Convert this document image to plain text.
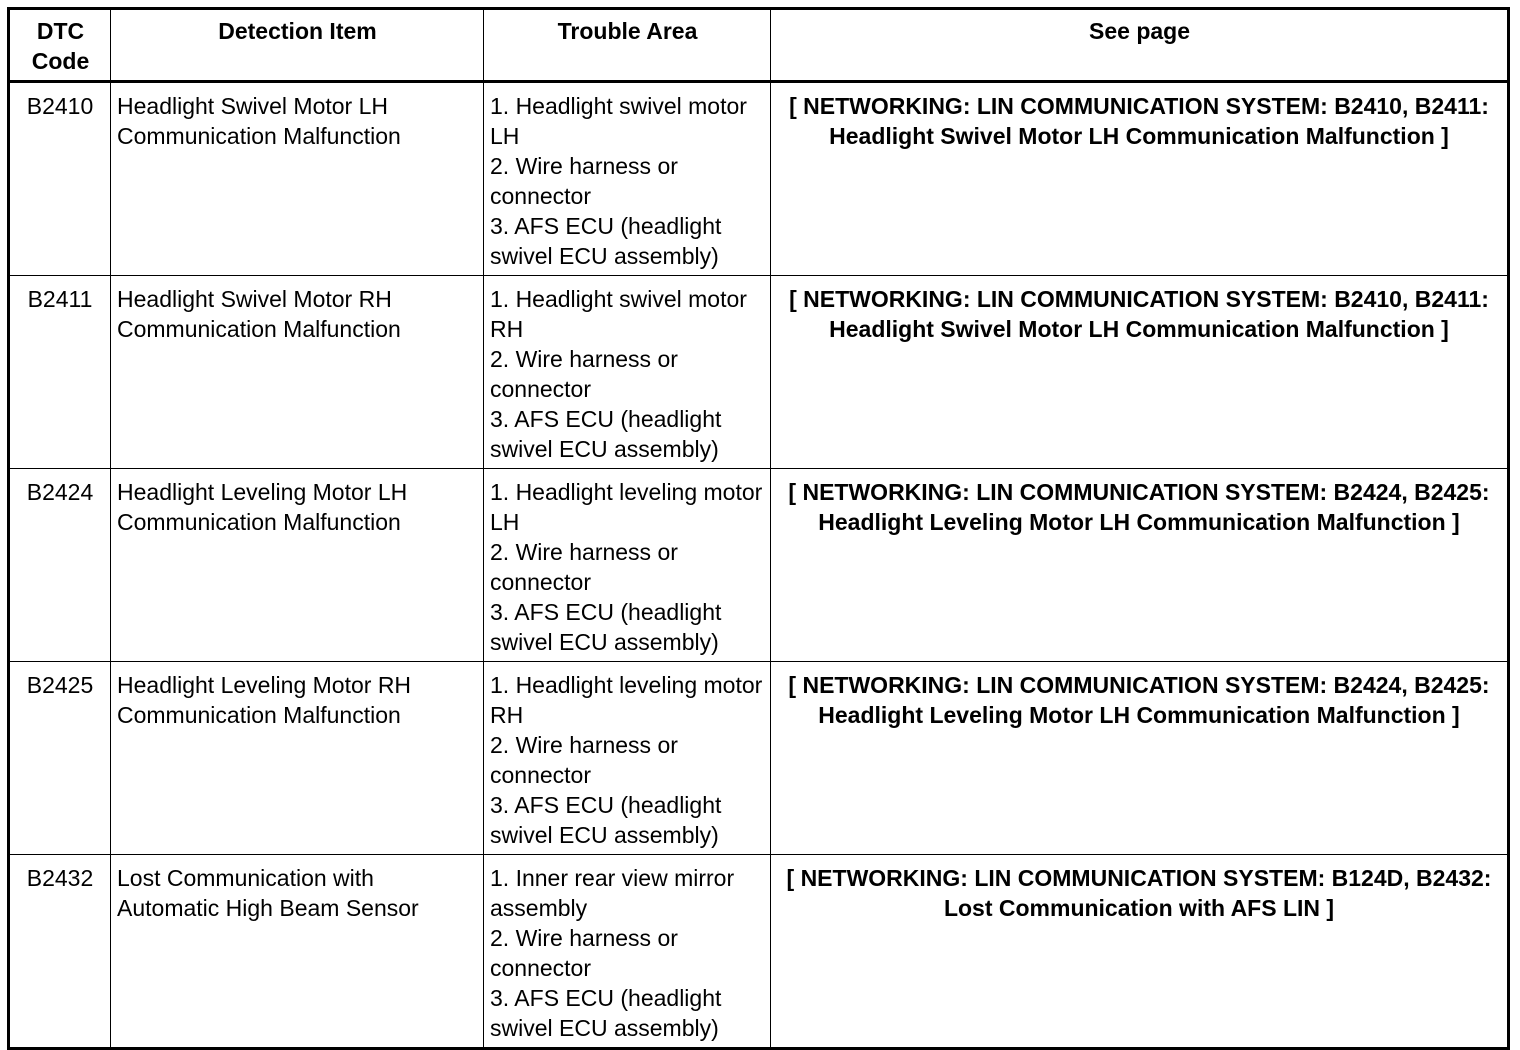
DTC
Code	Detection Item	Trouble Area	See page
B2410	Headlight Swivel Motor LH Communication Malfunction	1. Headlight swivel motor LH
2. Wire harness or connector
3. AFS ECU (headlight swivel ECU assembly)	[ NETWORKING: LIN COMMUNICATION SYSTEM: B2410, B2411: Headlight Swivel Motor LH Communication Malfunction ]
B2411	Headlight Swivel Motor RH Communication Malfunction	1. Headlight swivel motor RH
2. Wire harness or connector
3. AFS ECU (headlight swivel ECU assembly)	[ NETWORKING: LIN COMMUNICATION SYSTEM: B2410, B2411: Headlight Swivel Motor LH Communication Malfunction ]
B2424	Headlight Leveling Motor LH Communication Malfunction	1. Headlight leveling motor LH
2. Wire harness or connector
3. AFS ECU (headlight swivel ECU assembly)	[ NETWORKING: LIN COMMUNICATION SYSTEM: B2424, B2425: Headlight Leveling Motor LH Communication Malfunction ]
B2425	Headlight Leveling Motor RH Communication Malfunction	1. Headlight leveling motor RH
2. Wire harness or connector
3. AFS ECU (headlight swivel ECU assembly)	[ NETWORKING: LIN COMMUNICATION SYSTEM: B2424, B2425: Headlight Leveling Motor LH Communication Malfunction ]
B2432	Lost Communication with Automatic High Beam Sensor	1. Inner rear view mirror assembly
2. Wire harness or connector
3. AFS ECU (headlight swivel ECU assembly)	[ NETWORKING: LIN COMMUNICATION SYSTEM: B124D, B2432: Lost Communication with AFS LIN ]
